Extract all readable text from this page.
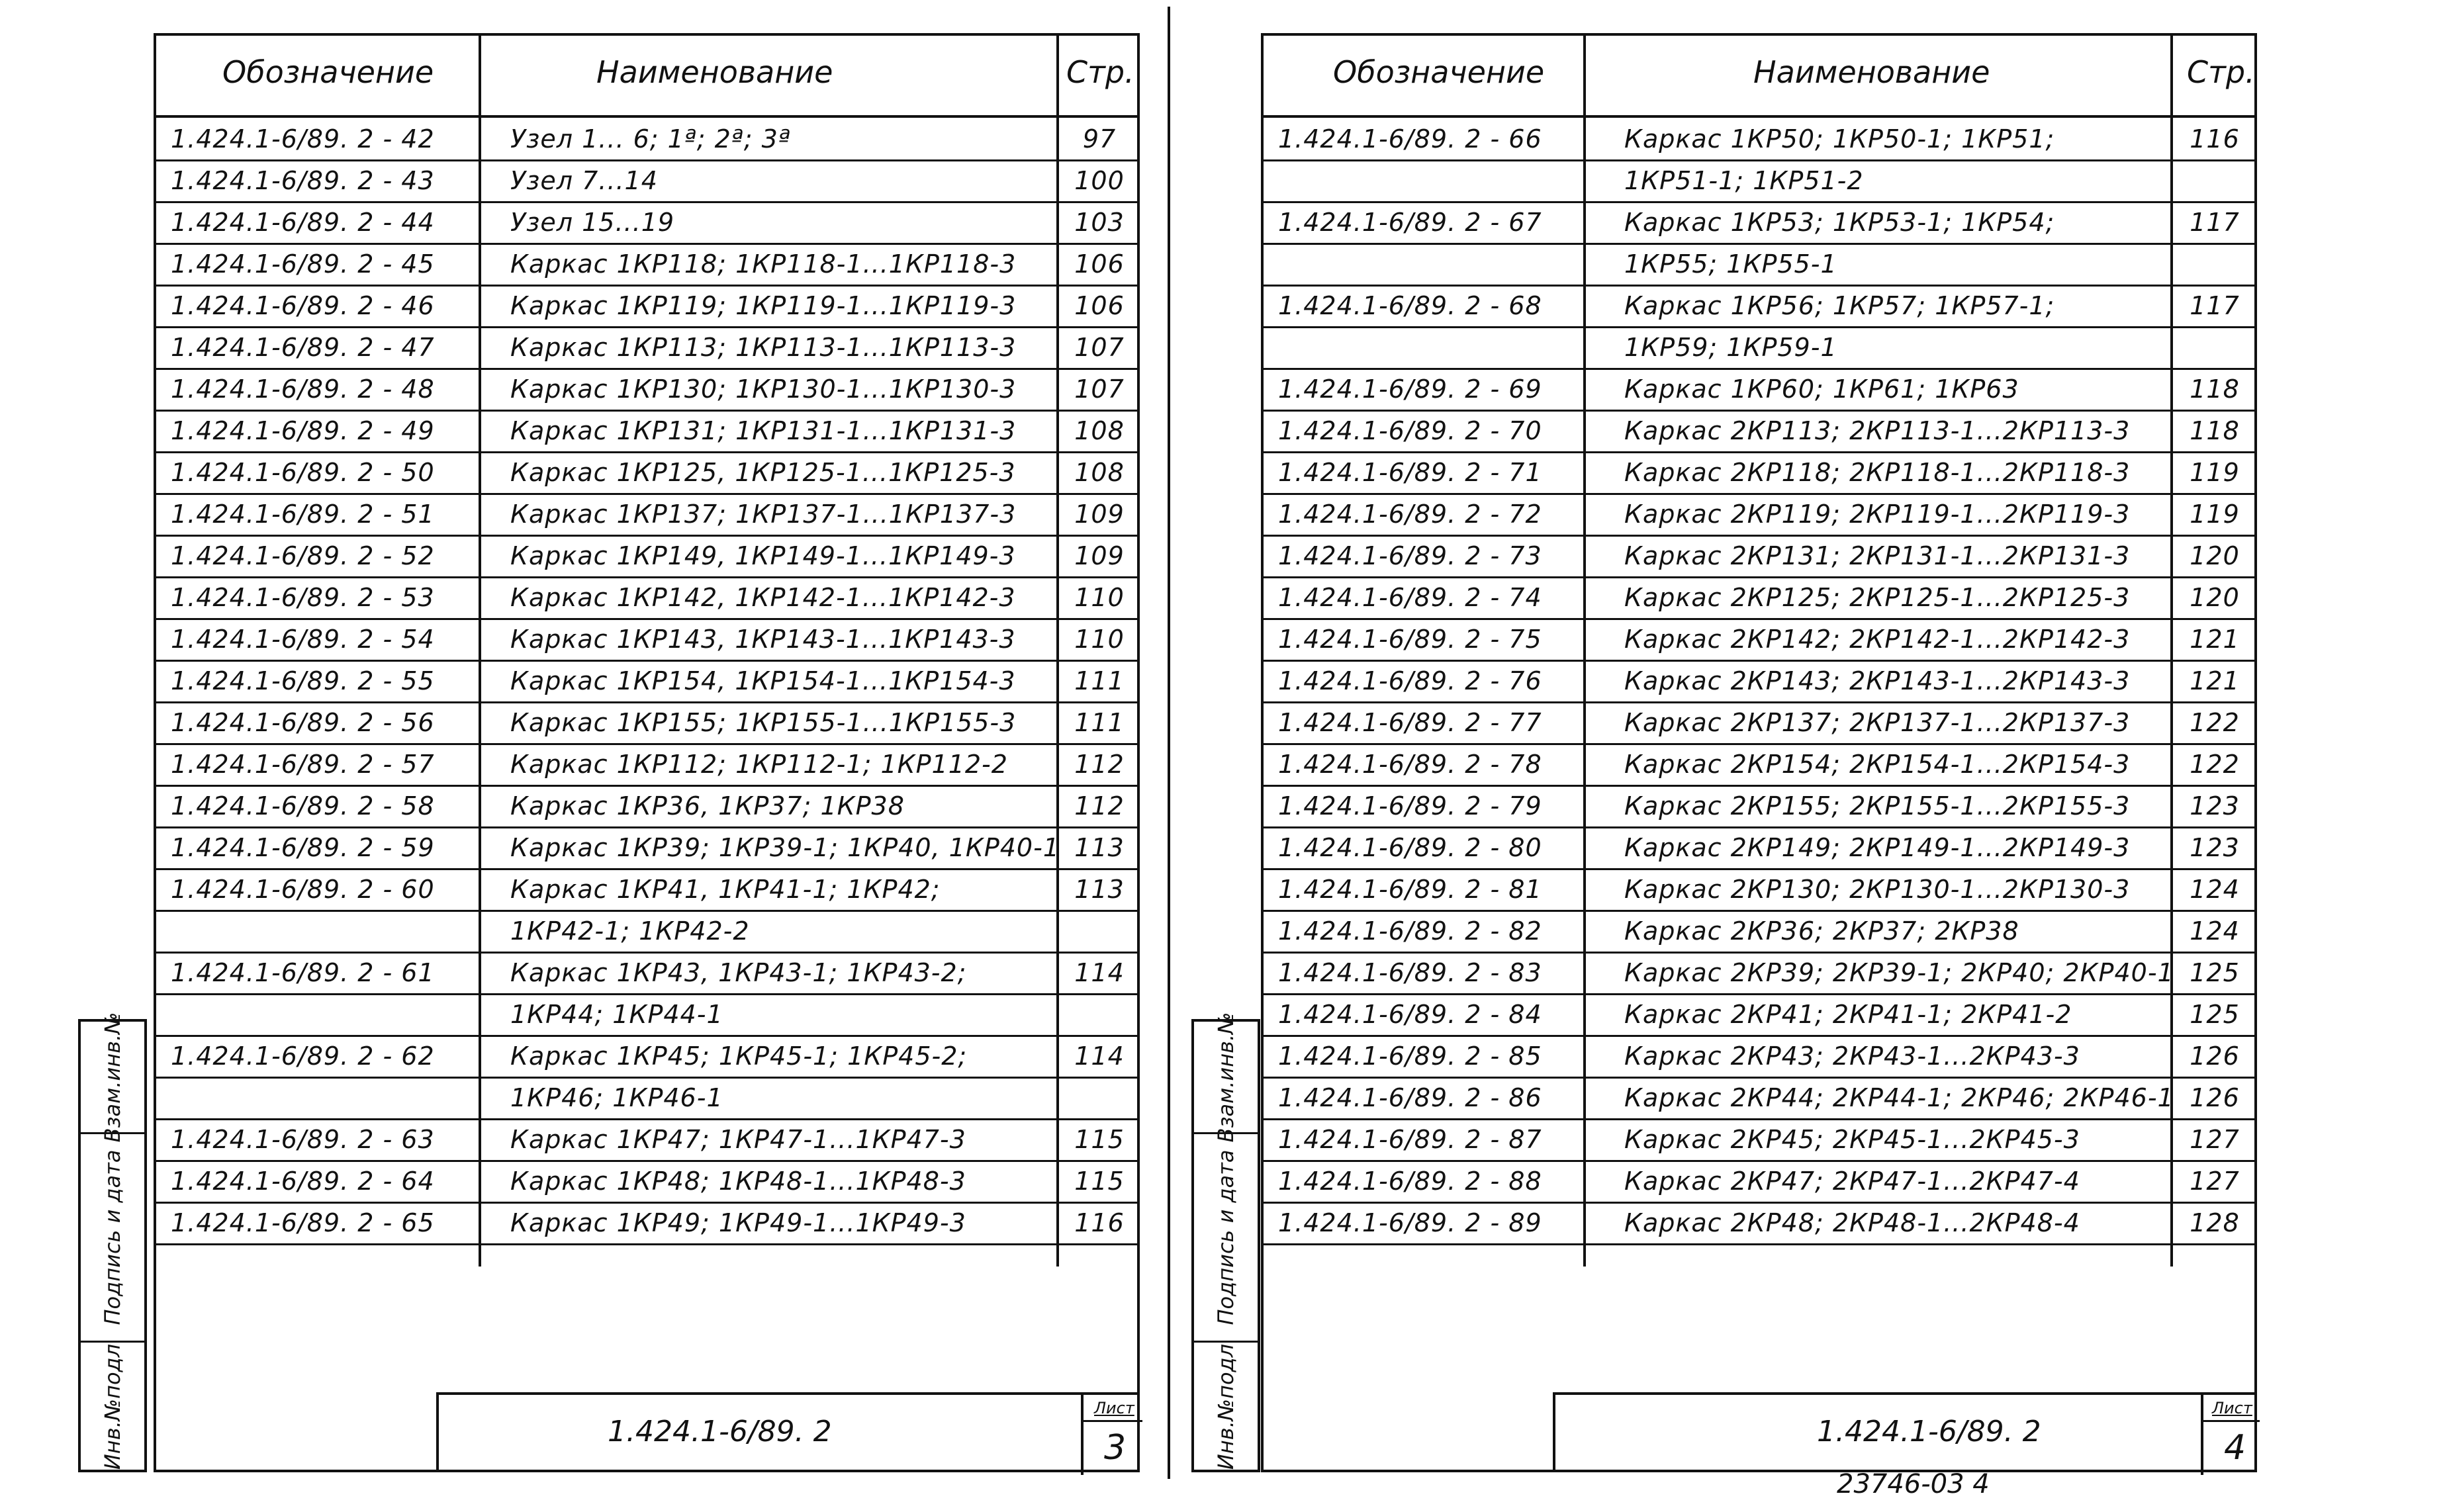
Инв.№подл
Подпись и дата
Взам.инв.№
Обозначение	Наименование	Стр.
1.424.1-6/89. 2 - 42	Узел 1... 6; 1ª; 2ª; 3ª	97
1.424.1-6/89. 2 - 43	Узел 7...14	100
1.424.1-6/89. 2 - 44	Узел 15...19	103
1.424.1-6/89. 2 - 45	Каркас 1КР118; 1КР118-1...1КР118-3	106
1.424.1-6/89. 2 - 46	Каркас 1КР119; 1КР119-1...1КР119-3	106
1.424.1-6/89. 2 - 47	Каркас 1КР113; 1КР113-1...1КР113-3	107
1.424.1-6/89. 2 - 48	Каркас 1КР130; 1КР130-1...1КР130-3	107
1.424.1-6/89. 2 - 49	Каркас 1КР131; 1КР131-1...1КР131-3	108
1.424.1-6/89. 2 - 50	Каркас 1КР125, 1КР125-1...1КР125-3	108
1.424.1-6/89. 2 - 51	Каркас 1КР137; 1КР137-1...1КР137-3	109
1.424.1-6/89. 2 - 52	Каркас 1КР149, 1КР149-1...1КР149-3	109
1.424.1-6/89. 2 - 53	Каркас 1КР142, 1КР142-1...1КР142-3	110
1.424.1-6/89. 2 - 54	Каркас 1КР143, 1КР143-1...1КР143-3	110
1.424.1-6/89. 2 - 55	Каркас 1КР154, 1КР154-1...1КР154-3	111
1.424.1-6/89. 2 - 56	Каркас 1КР155; 1КР155-1...1КР155-3	111
1.424.1-6/89. 2 - 57	Каркас 1КР112; 1КР112-1; 1КР112-2	112
1.424.1-6/89. 2 - 58	Каркас 1КР36, 1КР37; 1КР38	112
1.424.1-6/89. 2 - 59	Каркас 1КР39; 1КР39-1; 1КР40, 1КР40-1 113
1.424.1-6/89. 2 - 60	Каркас 1КР41, 1КР41-1; 1КР42;	113
1КР42-1; 1КР42-2
1.424.1-6/89. 2 - 61	Каркас 1КР43, 1КР43-1; 1КР43-2;	114
1КР44; 1КР44-1
1.424.1-6/89. 2 - 62	Каркас 1КР45; 1КР45-1; 1КР45-2;	114
1КР46; 1КР46-1
1.424.1-6/89. 2 - 63	Каркас 1КР47; 1КР47-1...1КР47-3	115
1.424.1-6/89. 2 - 64	Каркас 1КР48; 1КР48-1...1КР48-3	115
1.424.1-6/89. 2 - 65	Каркас 1КР49; 1КР49-1...1КР49-3	116
1.424.1-6/89. 2
Лист
3	Инв.№подл
Подпись и дата
Взам.инв.№
Обозначение	Наименование	Стр.
1.424.1-6/89. 2 - 66	Каркас 1КР50; 1КР50-1; 1КР51;	116
1КР51-1; 1КР51-2
1.424.1-6/89. 2 - 67	Каркас 1КР53; 1КР53-1; 1КР54;	117
1КР55; 1КР55-1
1.424.1-6/89. 2 - 68	Каркас 1КР56; 1КР57; 1КР57-1;	117
1КР59; 1КР59-1
1.424.1-6/89. 2 - 69	Каркас 1КР60; 1КР61; 1КР63	118
1.424.1-6/89. 2 - 70	Каркас 2КР113; 2КР113-1...2КР113-3	118
1.424.1-6/89. 2 - 71	Каркас 2КР118; 2КР118-1...2КР118-3	119
1.424.1-6/89. 2 - 72	Каркас 2КР119; 2КР119-1...2КР119-3	119
1.424.1-6/89. 2 - 73	Каркас 2КР131; 2КР131-1...2КР131-3	120
1.424.1-6/89. 2 - 74	Каркас 2КР125; 2КР125-1...2КР125-3	120
1.424.1-6/89. 2 - 75	Каркас 2КР142; 2КР142-1...2КР142-3	121
1.424.1-6/89. 2 - 76	Каркас 2КР143; 2КР143-1...2КР143-3	121
1.424.1-6/89. 2 - 77	Каркас 2КР137; 2КР137-1...2КР137-3	122
1.424.1-6/89. 2 - 78	Каркас 2КР154; 2КР154-1...2КР154-3	122
1.424.1-6/89. 2 - 79	Каркас 2КР155; 2КР155-1...2КР155-3	123
1.424.1-6/89. 2 - 80	Каркас 2КР149; 2КР149-1...2КР149-3	123
1.424.1-6/89. 2 - 81	Каркас 2КР130; 2КР130-1...2КР130-3	124
1.424.1-6/89. 2 - 82	Каркас 2КР36; 2КР37; 2КР38	124
1.424.1-6/89. 2 - 83	Каркас 2КР39; 2КР39-1; 2КР40; 2КР40-1 125
1.424.1-6/89. 2 - 84	Каркас 2КР41; 2КР41-1; 2КР41-2	125
1.424.1-6/89. 2 - 85	Каркас 2КР43; 2КР43-1...2КР43-3	126
1.424.1-6/89. 2 - 86	Каркас 2КР44; 2КР44-1; 2КР46; 2КР46-1 126
1.424.1-6/89. 2 - 87	Каркас 2КР45; 2КР45-1...2КР45-3	127
1.424.1-6/89. 2 - 88	Каркас 2КР47; 2КР47-1...2КР47-4	127
1.424.1-6/89. 2 - 89	Каркас 2КР48; 2КР48-1...2КР48-4	128
1.424.1-6/89. 2
Лист
4
23746-03 4
